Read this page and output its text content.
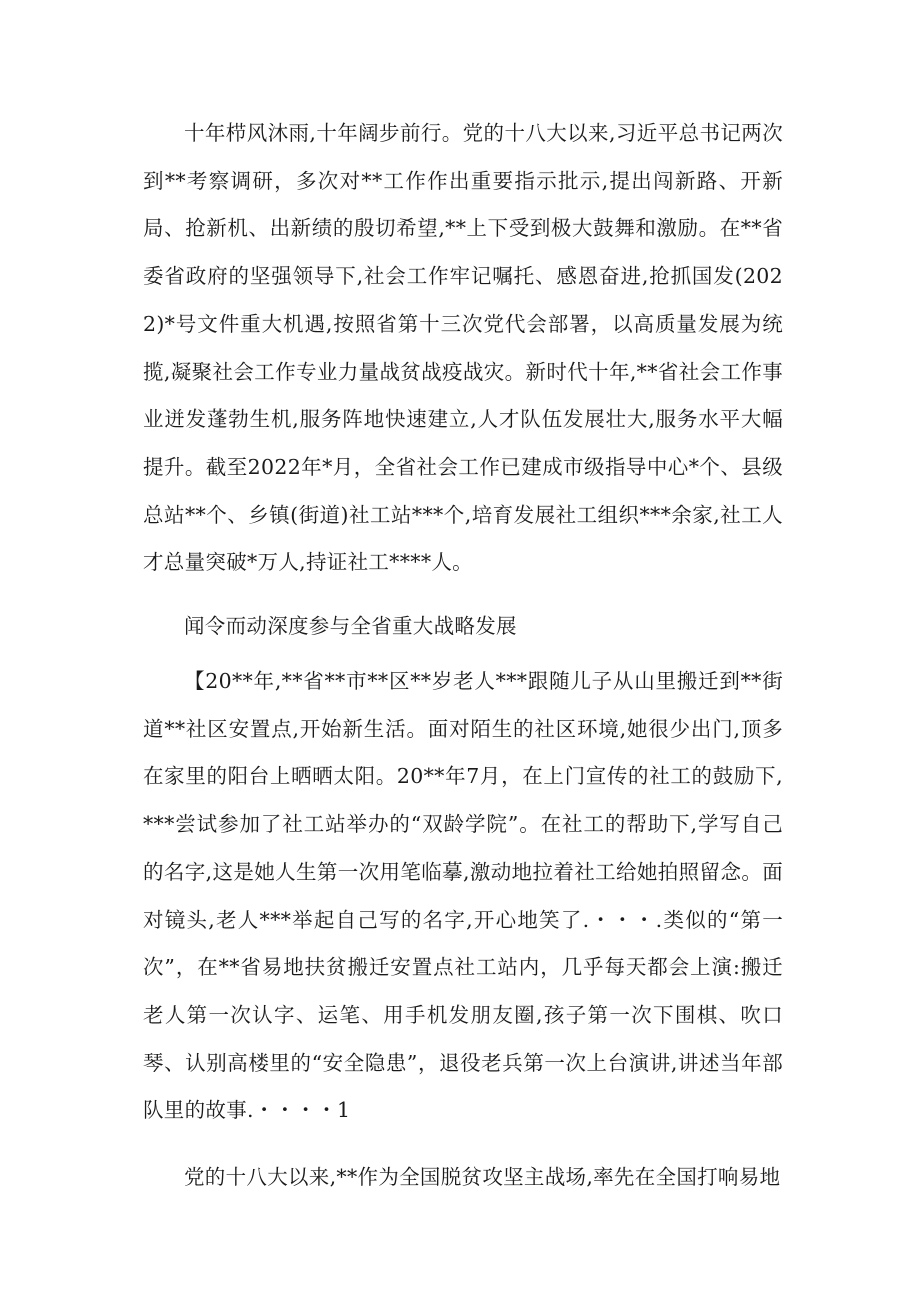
十年栉风沐雨,十年阔步前行。党的十八大以来,习近平总书记两次到**考察调研，多次对**工作作出重要指示批示,提出闯新路、开新局、抢新机、出新绩的殷切希望,**上下受到极大鼓舞和激励。在**省委省政府的坚强领导下,社会工作牢记嘱托、感恩奋进,抢抓国发(2022)*号文件重大机遇,按照省第十三次党代会部署，以高质量发展为统揽,凝聚社会工作专业力量战贫战疫战灾。新时代十年,**省社会工作事业迸发蓬勃生机,服务阵地快速建立,人才队伍发展壮大,服务水平大幅提升。截至2022年*月，全省社会工作已建成市级指导中心*个、县级总站**个、乡镇(街道)社工站***个,培育发展社工组织***余家,社工人才总量突破*万人,持证社工****人。

闻令而动深度参与全省重大战略发展

【20**年,**省**市**区**岁老人***跟随儿子从山里搬迁到**街道**社区安置点,开始新生活。面对陌生的社区环境,她很少出门,顶多在家里的阳台上晒晒太阳。20**年7月，在上门宣传的社工的鼓励下,***尝试参加了社工站举办的“双龄学院”。在社工的帮助下,学写自己的名字,这是她人生第一次用笔临摹,激动地拉着社工给她拍照留念。面对镜头,老人***举起自己写的名字,开心地笑了.・・・.类似的“第一次”，在**省易地扶贫搬迁安置点社工站内，几乎每天都会上演:搬迁老人第一次认字、运笔、用手机发朋友圈,孩子第一次下围棋、吹口琴、认别高楼里的“安全隐患”，退役老兵第一次上台演讲,讲述当年部队里的故事.・・・・1

党的十八大以来,**作为全国脱贫攻坚主战场,率先在全国打响易地
